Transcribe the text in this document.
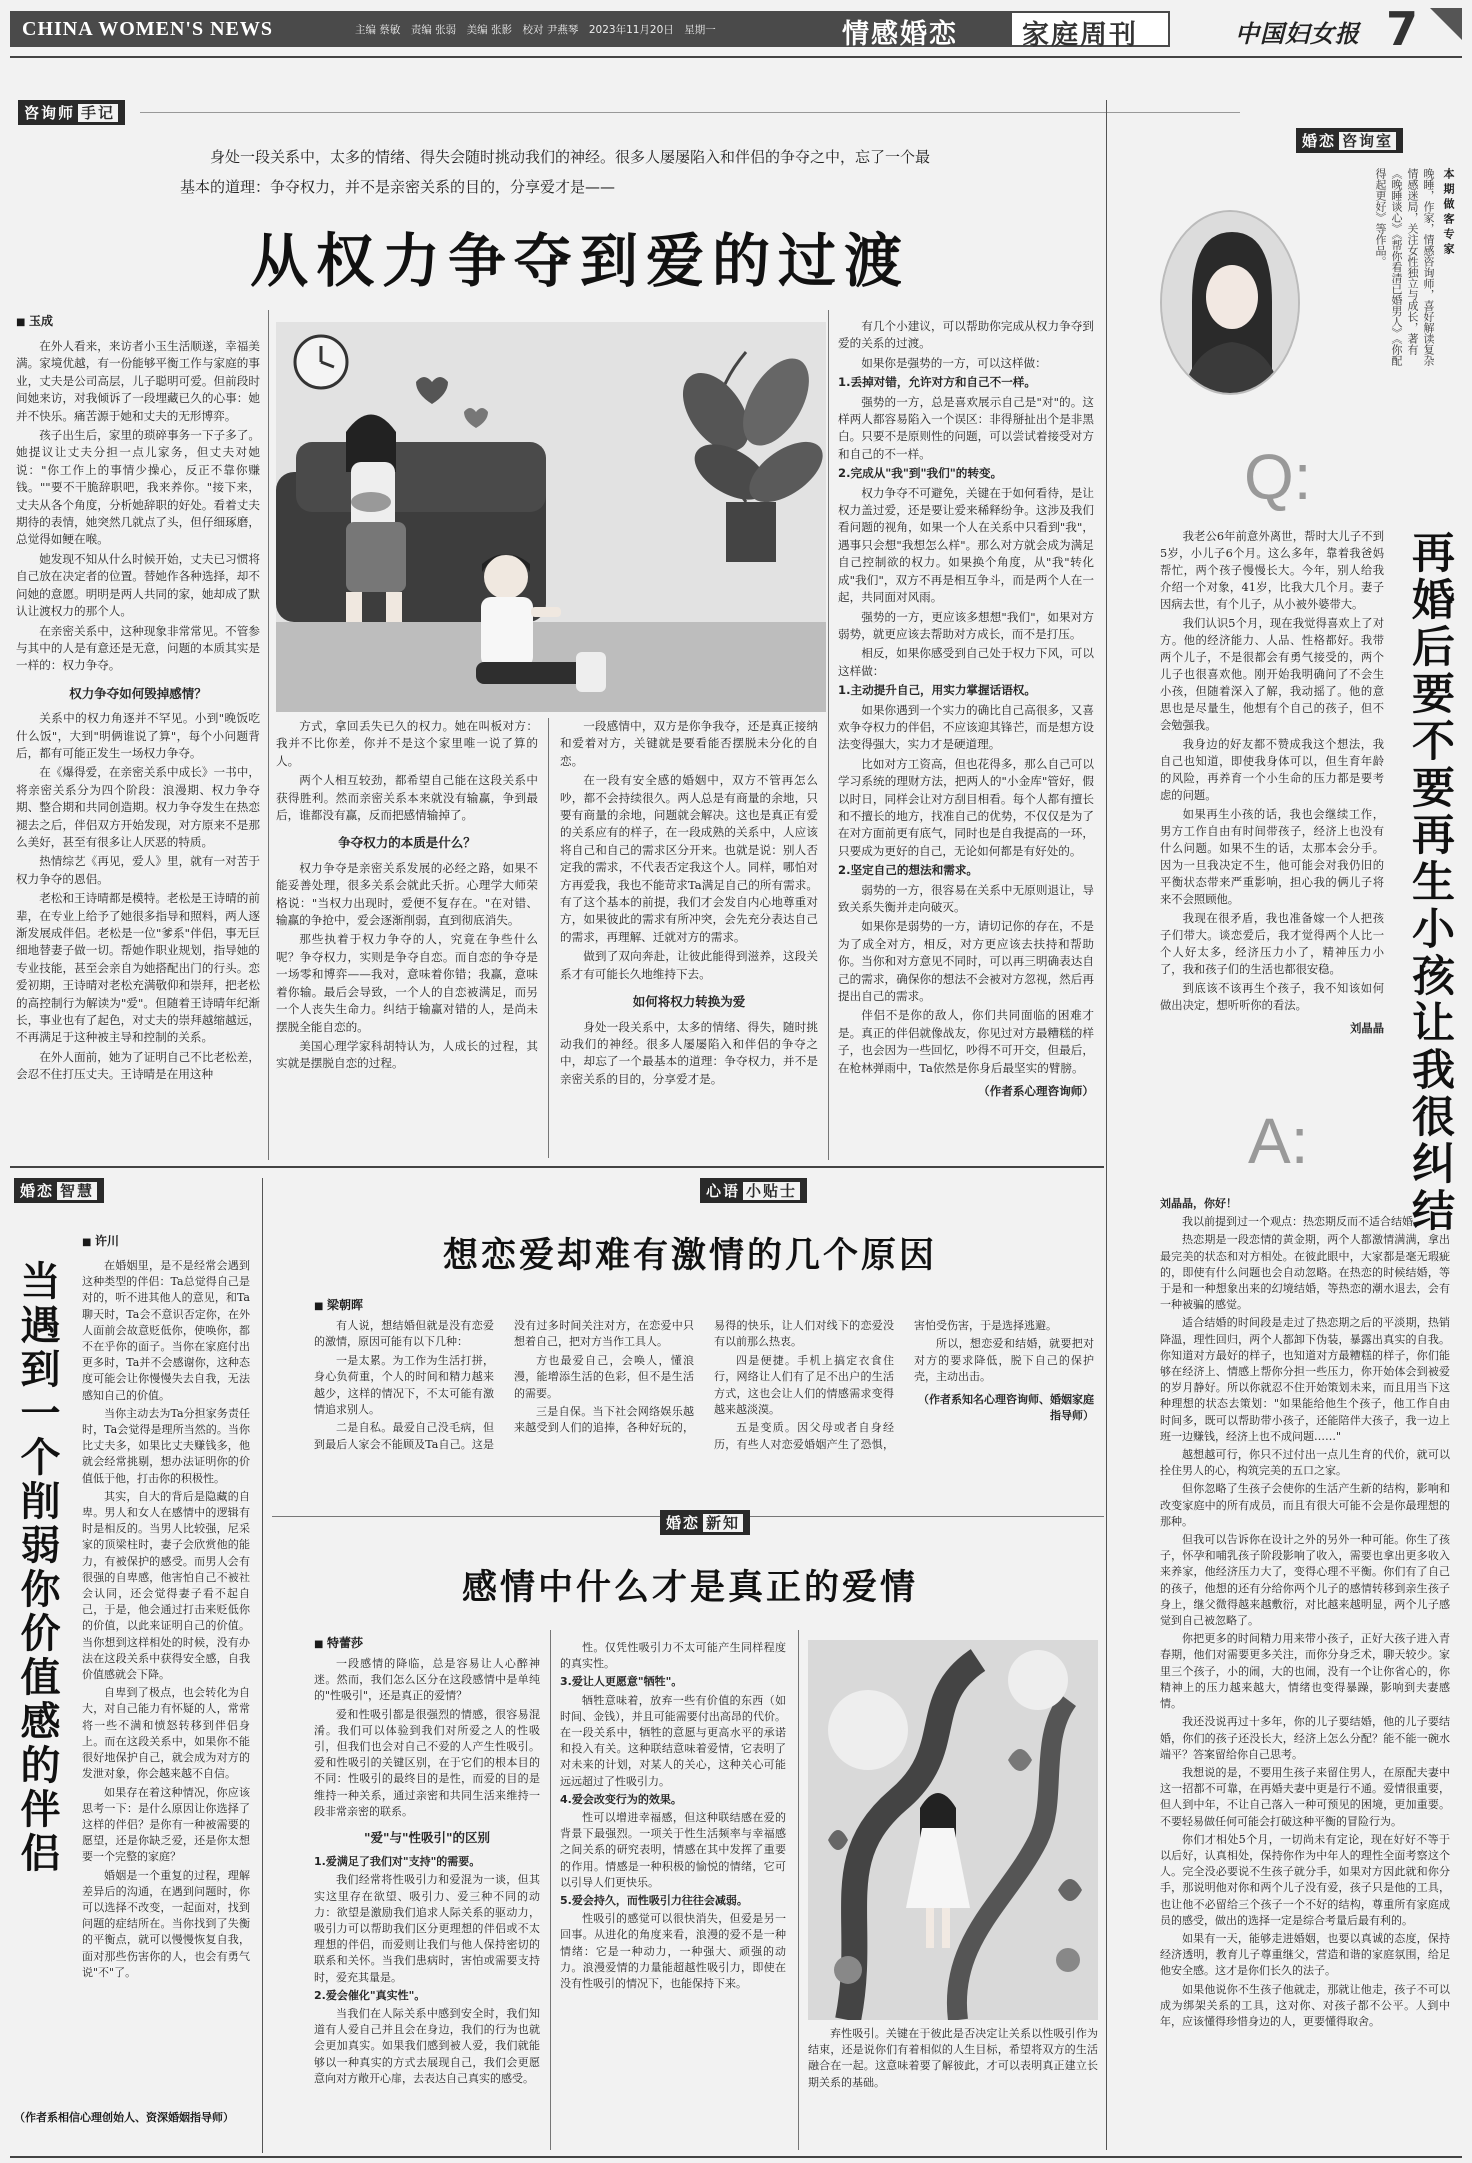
CHINA WOMEN'S NEWS	主编 蔡敏　责编 张弱　美编 张影　校对 尹燕琴　2023年11月20日　星期一	情感婚恋 家庭周刊	中国妇女报 7
咨询师 手记
身处一段关系中，太多的情绪、得失会随时挑动我们的神经。很多人屡屡陷入和伴侣的争夺之中，忘了一个最基本的道理：争夺权力，并不是亲密关系的目的，分享爱才是——
从权力争夺到爱的过渡
■ 玉成

在外人看来，来访者小玉生活顺遂，幸福美满。家境优越，有一份能够平衡工作与家庭的事业，丈夫是公司高层，儿子聪明可爱。但前段时间她来访，对我倾诉了一段埋藏已久的心事：她并不快乐。痛苦源于她和丈夫的无形博弈。

孩子出生后，家里的琐碎事务一下子多了。她提议让丈夫分担一点儿家务，但丈夫对她说："你工作上的事情少操心，反正不靠你赚钱。""要不干脆辞职吧，我来养你。"接下来，丈夫从各个角度，分析她辞职的好处。看着丈夫期待的表情，她突然几就点了头，但仔细琢磨，总觉得如鲠在喉。

她发现不知从什么时候开始，丈夫已习惯将自己放在决定者的位置。替她作各种选择，却不问她的意愿。明明是两人共同的家，她却成了默认让渡权力的那个人。

在亲密关系中，这种现象非常常见。不管参与其中的人是有意还是无意，问题的本质其实是一样的：权力争夺。

权力争夺如何毁掉感情？

关系中的权力角逐并不罕见。小到"晚饭吃什么饭"，大到"明俩谁说了算"，每个小问题背后，都有可能正发生一场权力争夺。

在《爆得爱，在亲密关系中成长》一书中，将亲密关系分为四个阶段：浪漫期、权力争夺期、整合期和共同创造期。权力争夺发生在热恋褪去之后，伴侣双方开始发现，对方原来不是那么美好，甚至有很多让人厌恶的特质。

热情综艺《再见，爱人》里，就有一对苦于权力争夺的恩侣。

老松和王诗晴都是模特。老松是王诗晴的前辈，在专业上给予了她很多指导和照料，两人逐渐发展成伴侣。老松是一位"爹系"伴侣，事无巨细地替妻子做一切。帮她作职业规划，指导她的专业技能，甚至会亲自为她搭配出门的行头。恋爱初期，王诗晴对老松充满敬仰和崇拜，把老松的高控制行为解读为"爱"。但随着王诗晴年纪渐长，事业也有了起色，对丈夫的崇拜越缩越远，不再满足于这种被主导和控制的关系。

在外人面前，她为了证明自己不比老松差，会忍不住打压丈夫。王诗晴是在用这种

方式，拿回丢失已久的权力。她在叫板对方：我并不比你差，你并不是这个家里唯一说了算的人。

两个人相互较劲，都希望自己能在这段关系中获得胜利。然而亲密关系本来就没有输赢，争到最后，谁都没有赢，反而把感情输掉了。

争夺权力的本质是什么？

权力争夺是亲密关系发展的必经之路，如果不能妥善处理，很多关系会就此夭折。心理学大师荣格说："当权力出现时，爱便不复存在。"在对错、输赢的争抢中，爱会逐渐削弱，直到彻底消失。

那些执着于权力争夺的人，究竟在争些什么呢？争夺权力，实则是争夺自恋。而自恋的争夺是一场零和博弈——我对，意味着你错；我赢，意味着你输。最后会导致，一个人的自恋被满足，而另一个人丧失生命力。纠结于输赢对错的人，是尚未摆脱全能自恋的。

美国心理学家科胡特认为，人成长的过程，其实就是摆脱自恋的过程。

一段感情中，双方是你争我夺，还是真正接纳和爱着对方，关键就是要看能否摆脱未分化的自恋。

在一段有安全感的婚姻中，双方不管再怎么吵，都不会持续很久。两人总是有商量的余地，只要有商量的余地，问题就会解决。这也是真正有爱的关系应有的样子，在一段成熟的关系中，人应该将自己和自己的需求区分开来。也就是说：别人否定我的需求，不代表否定我这个人。同样，哪怕对方再爱我，我也不能苛求Ta满足自己的所有需求。有了这个基本的前提，我们才会发自内心地尊重对方，如果彼此的需求有所冲突，会先充分表达自己的需求，再理解、迁就对方的需求。

做到了双向奔赴，让彼此能得到滋养，这段关系才有可能长久地维持下去。

如何将权力转换为爱

身处一段关系中，太多的情绪、得失，随时挑动我们的神经。很多人屡屡陷入和伴侣的争夺之中，却忘了一个最基本的道理：争夺权力，并不是亲密关系的目的，分享爱才是。

有几个小建议，可以帮助你完成从权力争夺到爱的关系的过渡。

如果你是强势的一方，可以这样做：

1.丢掉对错，允许对方和自己不一样。

强势的一方，总是喜欢展示自己是"对"的。这样两人都容易陷入一个误区：非得掰扯出个是非黑白。只要不是原则性的问题，可以尝试着接受对方和自己的不一样。

2.完成从"我"到"我们"的转变。

权力争夺不可避免，关键在于如何看待，是让权力盖过爱，还是要让爱来稀释纷争。这涉及我们看问题的视角，如果一个人在关系中只看到"我"，遇事只会想"我想怎么样"。那么对方就会成为满足自己控制欲的权力。如果换个角度，从"我"转化成"我们"，双方不再是相互争斗，而是两个人在一起，共同面对风雨。

强势的一方，更应该多想想"我们"，如果对方弱势，就更应该去帮助对方成长，而不是打压。

相反，如果你感受到自己处于权力下风，可以这样做：

1.主动提升自己，用实力掌握话语权。

如果你遇到一个实力的确比自己高很多，又喜欢争夺权力的伴侣，不应该迎其锋芒，而是想方设法变得强大，实力才是硬道理。

比如对方工资高，但也花得多，那么自己可以学习系统的理财方法，把两人的"小金库"管好，假以时日，同样会让对方刮目相看。每个人都有擅长和不擅长的地方，找准自己的优势，不仅仅是为了在对方面前更有底气，同时也是自我提高的一环，只要成为更好的自己，无论如何都是有好处的。

2.坚定自己的想法和需求。

弱势的一方，很容易在关系中无原则退让，导致关系失衡并走向破灭。

如果你是弱势的一方，请切记你的存在，不是为了成全对方，相反，对方更应该去扶持和帮助你。当你和对方意见不同时，可以再三明确表达自己的需求，确保你的想法不会被对方忽视，然后再提出自己的需求。

伴侣不是你的敌人，你们共同面临的困难才是。真正的伴侣就像战友，你见过对方最糟糕的样子，也会因为一些回忆，吵得不可开交，但最后，在枪林弹雨中，Ta依然是你身后最坚实的臂膀。

（作者系心理咨询师）

婚恋 咨询室
本期做客专家
晚睡，作家，情感咨询师，喜好解读复杂情感迷局，关注女性独立与成长，著有《晚睡谈心》《帮你看清已婚男人》《你配得起更好》等作品。
Q:
再婚后要不要再生小孩让我很纠结

我老公6年前意外离世，帮时大儿子不到5岁，小儿子6个月。这么多年，靠着我爸妈帮忙，两个孩子慢慢长大。今年，别人给我介绍一个对象，41岁，比我大几个月。妻子因病去世，有个儿子，从小被外婆带大。

我们认识5个月，现在我觉得喜欢上了对方。他的经济能力、人品、性格都好。我带两个儿子，不是很都会有勇气接受的，两个儿子也很喜欢他。刚开始我明确问了不会生小孩，但随着深入了解，我动摇了。他的意思也是尽量生，他想有个自己的孩子，但不会勉强我。

我身边的好友都不赞成我这个想法，我自己也知道，即使我身体可以，但生育年龄的风险，再养育一个小生命的压力都是要考虑的问题。

如果再生小孩的话，我也会继续工作，男方工作自由有时间带孩子，经济上也没有什么问题。如果不生的话，太那本会分手。因为一旦我决定不生，他可能会对我仍旧的平衡状态带来严重影响，担心我的俩儿子将来不会照顾他。

我现在很矛盾，我也准备嫁一个人把孩子们带大。谈恋爱后，我才觉得两个人比一个人好太多，经济压力小了，精神压力小了，我和孩子们的生活也都很安稳。

到底该不该再生个孩子，我不知该如何做出决定，想听听你的看法。

刘晶晶

A:

刘晶晶，你好！

我以前提到过一个观点：热恋期反而不适合结婚。

热恋期是一段恋情的黄金期，两个人都激情满满，拿出最完美的状态和对方相处。在彼此眼中，大家都是毫无瑕疵的，即使有什么问题也会自动忽略。在热恋的时候结婚，等于是和一种想象出来的幻境结婚，等热恋的潮水退去，会有一种被骗的感觉。

适合结婚的时间段是走过了热恋期之后的平淡期，热销降温，理性回归，两个人都卸下伪装，暴露出真实的自我。你知道对方最好的样子，也知道对方最糟糕的样子，你们能够在经济上、情感上帮你分担一些压力，你开始体会到被爱的岁月静好。所以你就忍不住开始策划未来，而且用当下这种理想的状态去策划："如果能给他生个孩子，他工作自由时间多，既可以帮助带小孩子，还能陪伴大孩子，我一边上班一边赚钱，经济上也不成问题……"

越想越可行，你只不过付出一点儿生育的代价，就可以拴住男人的心，构筑完美的五口之家。

但你忽略了生孩子会使你的生活产生新的结构，影响和改变家庭中的所有成员，而且有很大可能不会是你最理想的那种。

但我可以告诉你在设计之外的另外一种可能。你生了孩子，怀孕和哺乳孩子阶段影响了收入，需要也拿出更多收入来养家，他经济压力大了，变得心理不平衡。你们有了自己的孩子，他想的还有分给你两个儿子的感情转移到亲生孩子身上，继父微得越来越敷衍，对比越来越明显，两个儿子感觉到自己被忽略了。

你把更多的时间精力用来带小孩子，正好大孩子进入青春期，他们对需要更多关注，而你分身乏术，聊天较少。家里三个孩子，小的闹，大的也闹，没有一个让你省心的，你精神上的压力越来越大，情绪也变得暴躁，影响到夫妻感情。

我还没说再过十多年，你的儿子要结婚，他的儿子要结婚，你们的孩子还没长大，经济上怎么分配？能不能一碗水端平？答案留给你自己思考。

我想说的是，不要用生孩子来留住男人，在原配夫妻中这一招都不可靠，在再婚夫妻中更是行不通。爱情很重要，但人到中年，不让自己落入一种可预见的困境，更加重要。不要轻易做任何可能会打破这种平衡的冒险行为。

你们才相处5个月，一切尚未有定论，现在好好不等于以后好，认真相处，保持你作为中年人的理性全面考察这个人。完全没必要说不生孩子就分手，如果对方因此就和你分手，那说明他对你和两个儿子没有爱，孩子只是他的工具，也让他不必留给三个孩子一个不好的结构，尊重所有家庭成员的感受，做出的选择一定是综合考量后最有利的。

如果有一天，能够走进婚姻，也要以真诚的态度，保持经济透明，教育儿子尊重继父，营造和谐的家庭氛围，给足他安全感。这才是你们长久的法子。

如果他说你不生孩子他就走，那就让他走，孩子不可以成为绑架关系的工具，这对你、对孩子都不公平。人到中年，应该懂得珍惜身边的人，更要懂得取舍。

婚恋 智慧
当遇到一个削弱你价值感的伴侣
■ 许川

在婚姻里，是不是经常会遇到这种类型的伴侣：Ta总觉得自己是对的，听不进其他人的意见，和Ta聊天时，Ta会不意识否定你，在外人面前会故意贬低你，使唤你，都不在乎你的面子。当你在家庭付出更多时，Ta并不会感谢你，这种态度可能会让你慢慢失去自我，无法感知自己的价值。

当你主动去为Ta分担家务责任时，Ta会觉得是理所当然的。当你比丈夫多，如果比丈夫赚钱多，他就会经常挑剔，想办法证明你的价值低于他，打击你的积极性。

其实，自大的背后是隐藏的自卑。男人和女人在感情中的逻辑有时是相反的。当男人比较强，尼采家的顶梁柱时，妻子会欣赏他的能力，有被保护的感受。而男人会有很强的自卑感，他害怕自己不被社会认同，还会觉得妻子看不起自己，于是，他会通过打击来贬低你的价值，以此来证明自己的价值。当你想到这样相处的时候，没有办法在这段关系中获得安全感，自我价值感就会下降。

自卑到了极点，也会转化为自大，对自己能力有怀疑的人，常常将一些不满和愤怒转移到伴侣身上。而在这段关系中，如果你不能很好地保护自己，就会成为对方的发泄对象，你会越来越不自信。

如果存在着这种情况，你应该思考一下：是什么原因让你选择了这样的伴侣？是你有一种被需要的愿望，还是你缺乏爱，还是你太想要一个完整的家庭？

婚姻是一个重复的过程，理解差异后的沟通，在遇到问题时，你可以选择不改变，一起面对，找到问题的症结所在。当你找到了失衡的平衡点，就可以慢慢恢复自我，面对那些伤害你的人，也会有勇气说"不"了。

（作者系相信心理创始人、资深婚姻指导师）
心语 小贴士
想恋爱却难有激情的几个原因
■ 梁朝晖

有人说，想结婚但就是没有恋爱的激情，原因可能有以下几种：

一是太累。为工作为生活打拼，身心负荷重，个人的时间和精力越来越少，这样的情况下，不太可能有激情追求别人。

二是自私。最爱自己没毛病，但到最后人家会不能顾及Ta自己。这是没有过多时间关注对方，在恋爱中只想着自己，把对方当作工具人。

方也最爱自己，会唤人，懂浪漫，能增添生活的色彩，但不是生活的需要。

三是自保。当下社会网络娱乐越来越受到人们的追捧，各种好玩的，易得的快乐，让人们对线下的恋爱没有以前那么热衷。

四是便捷。手机上搞定衣食住行，网络让人们有了足不出户的生活方式，这也会让人们的情感需求变得越来越淡漠。

五是变质。因父母或者自身经历，有些人对恋爱婚姻产生了恐惧，害怕受伤害，于是选择逃避。

所以，想恋爱和结婚，就要把对对方的要求降低，脱下自己的保护壳，主动出击。

（作者系知名心理咨询师、婚姻家庭指导师）

婚恋 新知
感情中什么才是真正的爱情
■ 特蕾莎

一段感情的降临，总是容易让人心醉神迷。然而，我们怎么区分在这段感情中是单纯的"性吸引"，还是真正的爱情？

爱和性吸引都是很强烈的情感，很容易混淆。我们可以体验到我们对所爱之人的性吸引，但我们也会对自己不爱的人产生性吸引。爱和性吸引的关键区别，在于它们的根本目的不同：性吸引的最终目的是性，而爱的目的是维持一种关系，通过亲密和共同生活来维持一段非常亲密的联系。

"爱"与"性吸引"的区别

1.爱满足了我们对"支持"的需要。

我们经常将性吸引力和爱混为一谈，但其实这里存在欲望、吸引力、爱三种不同的动力：欲望是激励我们追求人际关系的驱动力，吸引力可以帮助我们区分更理想的伴侣或不太理想的伴侣，而爱则让我们与他人保持密切的联系和关怀。当我们患病时，害怕或需要支持时，爱充其量是。

2.爱会催化"真实性"。

当我们在人际关系中感到安全时，我们知道有人爱自己并且会在身边，我们的行为也就会更加真实。如果我们感到被人爱，我们就能够以一种真实的方式去展现自己，我们会更愿意向对方敞开心扉，去表达自己真实的感受。

性。仅凭性吸引力不太可能产生同样程度的真实性。

3.爱让人更愿意"牺牲"。

牺牲意味着，放弃一些有价值的东西（如时间、金钱），并且可能需要付出高昂的代价。在一段关系中，牺牲的意愿与更高水平的承诺和投入有关。这种联结意味着爱情，它表明了对未来的计划，对某人的关心，这种关心可能远远超过了性吸引力。

4.爱会改变行为的效果。

性可以增进幸福感，但这种联结感在爱的背景下最强烈。一项关于性生活频率与幸福感之间关系的研究表明，情感在其中发挥了重要的作用。情感是一种积极的愉悦的情绪，它可以引导人们更快乐。

5.爱会持久，而性吸引力往往会减弱。

性吸引的感觉可以很快消失，但爱是另一回事。从进化的角度来看，浪漫的爱不是一种情绪：它是一种动力，一种强大、顽强的动力。浪漫爱情的力量能超越性吸引力，即使在没有性吸引的情况下，也能保持下来。

弃性吸引。关键在于彼此是否决定让关系以性吸引作为结束，还是说你们有着相似的人生目标，希望将双方的生活融合在一起。这意味着要了解彼此，才可以表明真正建立长期关系的基础。
